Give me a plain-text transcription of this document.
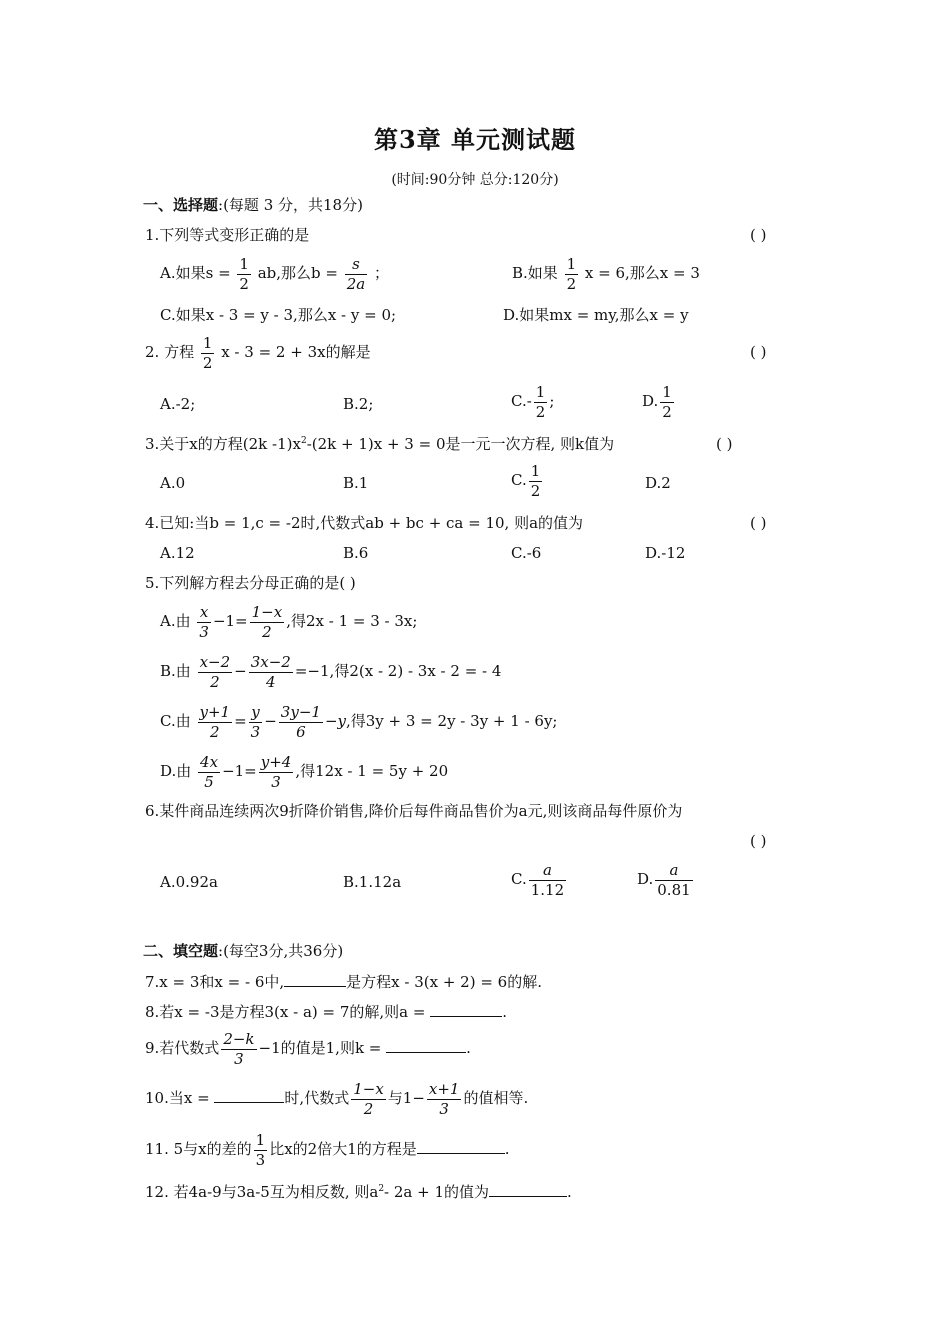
第3章 单元测试题
(时间:90分钟 总分:120分)
一、选择题:(每题 3 分，共18分)
1.下列等式变形正确的是	( )
A.如果$s = \frac{1}{2}$ ab,那么$b = \frac{s}{2a}$ ；	B.如果 $\frac{1}{2}$ x = 6,那么x = 3
C.如果x - 3 = y - 3,那么x - y = 0;	D.如果mx = my,那么x = y
2. 方程 $\frac{1}{2}$ x - 3 = 2 + 3x的解是	( )
A.-2;	B.2;	$C.- \frac{1}{2}$ ;	D. $\frac{1}{2}$
3.关于x的方程(2k $-1)x^2-(2k + 1)x + 3 = 0$是一元一次方程, 则k值为	( )
A.0	B.1	C. $\frac{1}{2}$	D.2
4.已知:当b = 1,c = -2时,代数式ab + bc + ca = 10, 则a的值为	( )
A.12	B.6	C.-6	D.-12
5.下列解方程去分母正确的是( )
A.由 $\frac{x}{3} -1= \frac{1-x}{2}$ ,得2x - 1 = 3 - 3x;
B.由 $\frac{x-2}{2} - \frac{3x-2}{4} =-1$,得2(x - 2) - 3x - 2 = - 4
C.由 $\frac{y+1}{2} = \frac{y}{3} - \frac{3y-1}{6} -y$,得3y + 3 = 2y - 3y + 1 - 6y;
D.由 $\frac{4x}{5} -1= \frac{y+4}{3}$ ,得12x - 1 = 5y + 20
6.某件商品连续两次9折降价销售,降价后每件商品售价为a元,则该商品每件原价为
( )
A.0.92a	B.1.12a	C. $\frac{a}{1.12}$	D. $\frac{a}{0.81}$
二、填空题:(每空3分,共36分)
7.x = 3和x = - 6中,	是方程x - 3(x + 2) = 6的解.
8.若x = -3是方程3(x - a) = 7的解,则a =	.
9.若代数式 $\frac{2-k}{3} -1$的值是1,则k =	.
10.当x =	时,代数式 $\frac{1-x}{2}$ 与$1- \frac{x+1}{3}$ 的值相等.
11. 5与x的差的 $\frac{1}{3}$ 比x的2倍大1的方程是	.
12. 若4a-9与3a-5互为相反数, 则$a^2-$ 2a + 1的值为	.
